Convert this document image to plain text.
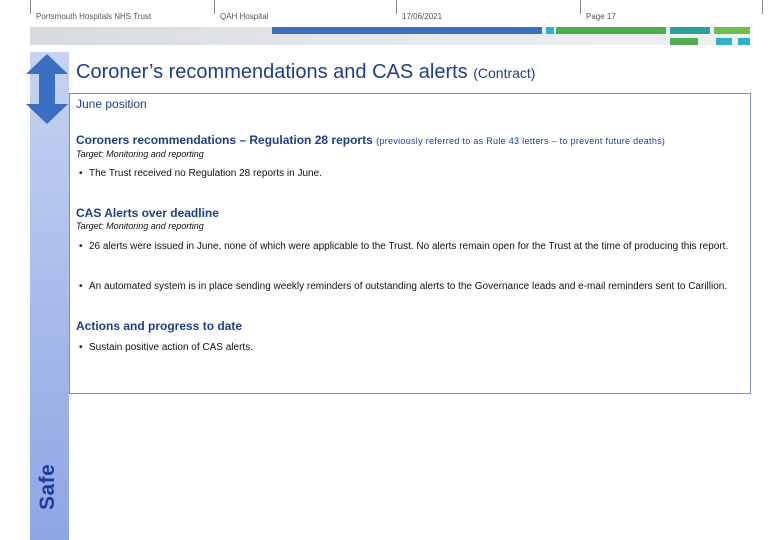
Portsmouth Hospitals NHS Trust	QAH Hospital	17/06/2021	Page 17
Safe
Coroner’s recommendations and CAS alerts (Contract)
June position
Coroners recommendations – Regulation 28 reports (previously referred to as Rule 43 letters – to prevent future deaths)
Target: Monitoring and reporting
• The Trust received no Regulation 28 reports in June.
CAS Alerts over deadline
Target: Monitoring and reporting
• 26 alerts were issued in June, none of which were applicable to the Trust. No alerts remain open for the Trust at the time of producing this report.
• An automated system is in place sending weekly reminders of outstanding alerts to the Governance leads and e-mail reminders sent to Carillion.
Actions and progress to date
• Sustain positive action of CAS alerts.
